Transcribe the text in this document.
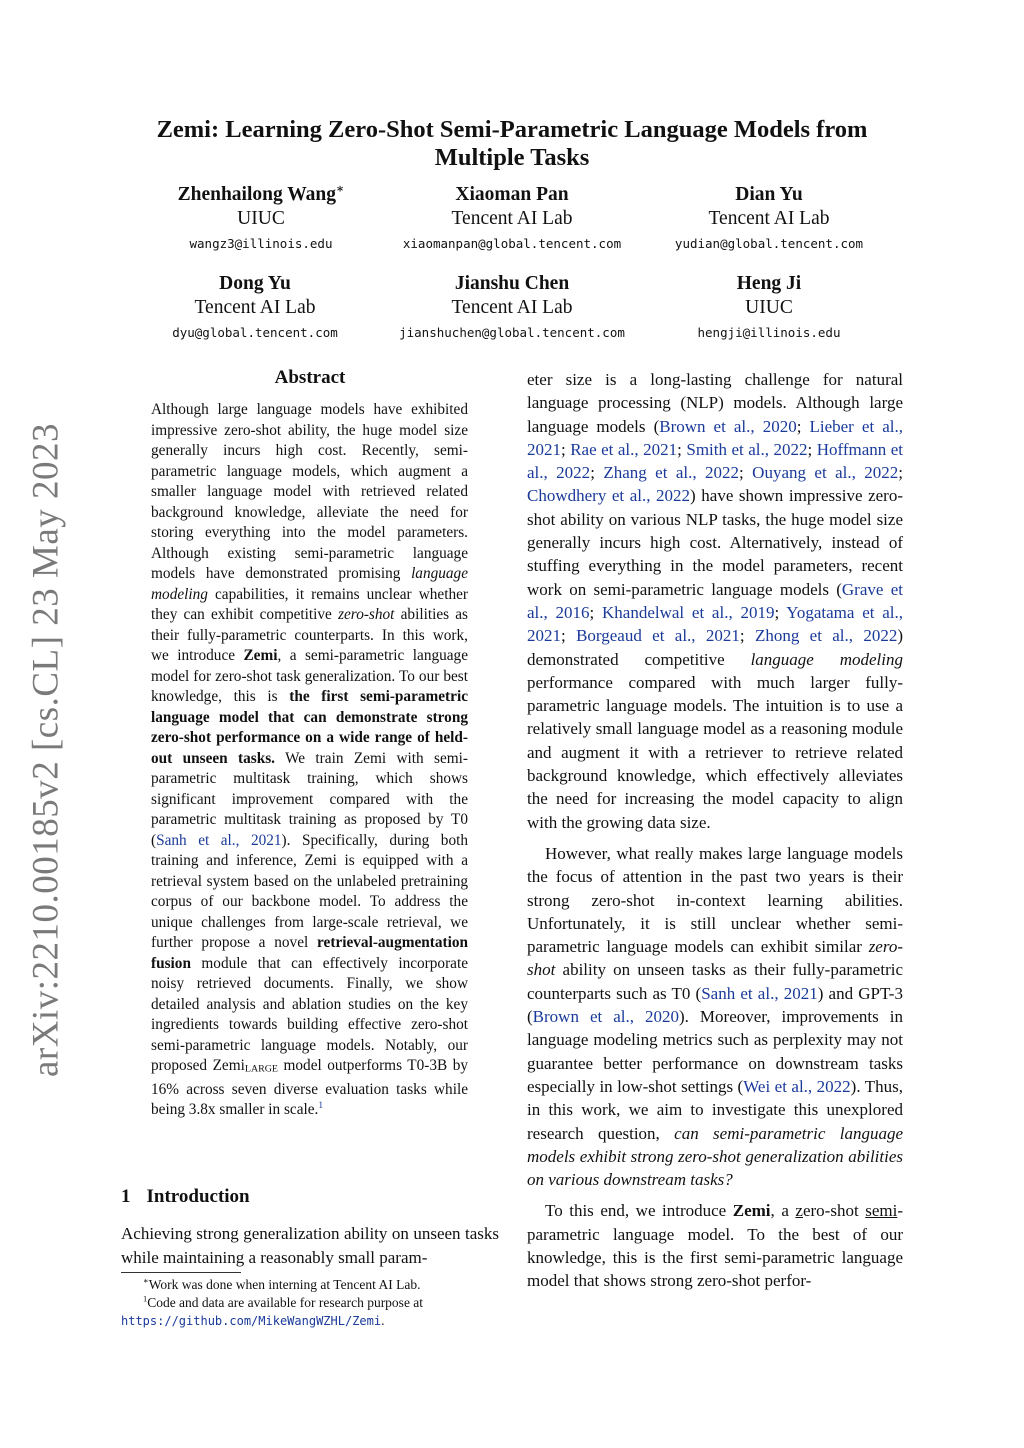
arXiv:2210.00185v2 [cs.CL] 23 May 2023
Zemi: Learning Zero-Shot Semi-Parametric Language Models from Multiple Tasks
Zhenhailong Wang∗
UIUC
wangz3@illinois.edu
Xiaoman Pan
Tencent AI Lab
xiaomanpan@global.tencent.com
Dian Yu
Tencent AI Lab
yudian@global.tencent.com
Dong Yu
Tencent AI Lab
dyu@global.tencent.com
Jianshu Chen
Tencent AI Lab
jianshuchen@global.tencent.com
Heng Ji
UIUC
hengji@illinois.edu
Abstract

Although large language models have exhibited impressive zero-shot ability, the huge model size generally incurs high cost. Recently, semi-parametric language models, which augment a smaller language model with retrieved related background knowledge, alleviate the need for storing everything into the model parameters. Although existing semi-parametric language models have demonstrated promising language modeling capabilities, it remains unclear whether they can exhibit competitive zero-shot abilities as their fully-parametric counterparts. In this work, we introduce Zemi, a semi-parametric language model for zero-shot task generalization. To our best knowledge, this is the first semi-parametric language model that can demonstrate strong zero-shot performance on a wide range of held-out unseen tasks. We train Zemi with semi-parametric multitask training, which shows significant improvement compared with the parametric multitask training as proposed by T0 (Sanh et al., 2021). Specifically, during both training and inference, Zemi is equipped with a retrieval system based on the unlabeled pretraining corpus of our backbone model. To address the unique challenges from large-scale retrieval, we further propose a novel retrieval-augmentation fusion module that can effectively incorporate noisy retrieved documents. Finally, we show detailed analysis and ablation studies on the key ingredients towards building effective zero-shot semi-parametric language models. Notably, our proposed ZemiLARGE model outperforms T0-3B by 16% across seven diverse evaluation tasks while being 3.8x smaller in scale.$^1$

1 Introduction

Achieving strong generalization ability on unseen tasks while maintaining a reasonably small param-

∗Work was done when interning at Tencent AI Lab.
$^1$Code and data are available for research purpose at https://github.com/MikeWangWZHL/Zemi.

eter size is a long-lasting challenge for natural language processing (NLP) models. Although large language models (Brown et al., 2020; Lieber et al., 2021; Rae et al., 2021; Smith et al., 2022; Hoffmann et al., 2022; Zhang et al., 2022; Ouyang et al., 2022; Chowdhery et al., 2022) have shown impressive zero-shot ability on various NLP tasks, the huge model size generally incurs high cost. Alternatively, instead of stuffing everything in the model parameters, recent work on semi-parametric language models (Grave et al., 2016; Khandelwal et al., 2019; Yogatama et al., 2021; Borgeaud et al., 2021; Zhong et al., 2022) demonstrated competitive language modeling performance compared with much larger fully-parametric language models. The intuition is to use a relatively small language model as a reasoning module and augment it with a retriever to retrieve related background knowledge, which effectively alleviates the need for increasing the model capacity to align with the growing data size.

However, what really makes large language models the focus of attention in the past two years is their strong zero-shot in-context learning abilities. Unfortunately, it is still unclear whether semi-parametric language models can exhibit similar zero-shot ability on unseen tasks as their fully-parametric counterparts such as T0 (Sanh et al., 2021) and GPT-3 (Brown et al., 2020). Moreover, improvements in language modeling metrics such as perplexity may not guarantee better performance on downstream tasks especially in low-shot settings (Wei et al., 2022). Thus, in this work, we aim to investigate this unexplored research question, can semi-parametric language models exhibit strong zero-shot generalization abilities on various downstream tasks?

To this end, we introduce Zemi, a zero-shot semi-parametric language model. To the best of our knowledge, this is the first semi-parametric language model that shows strong zero-shot perfor-
